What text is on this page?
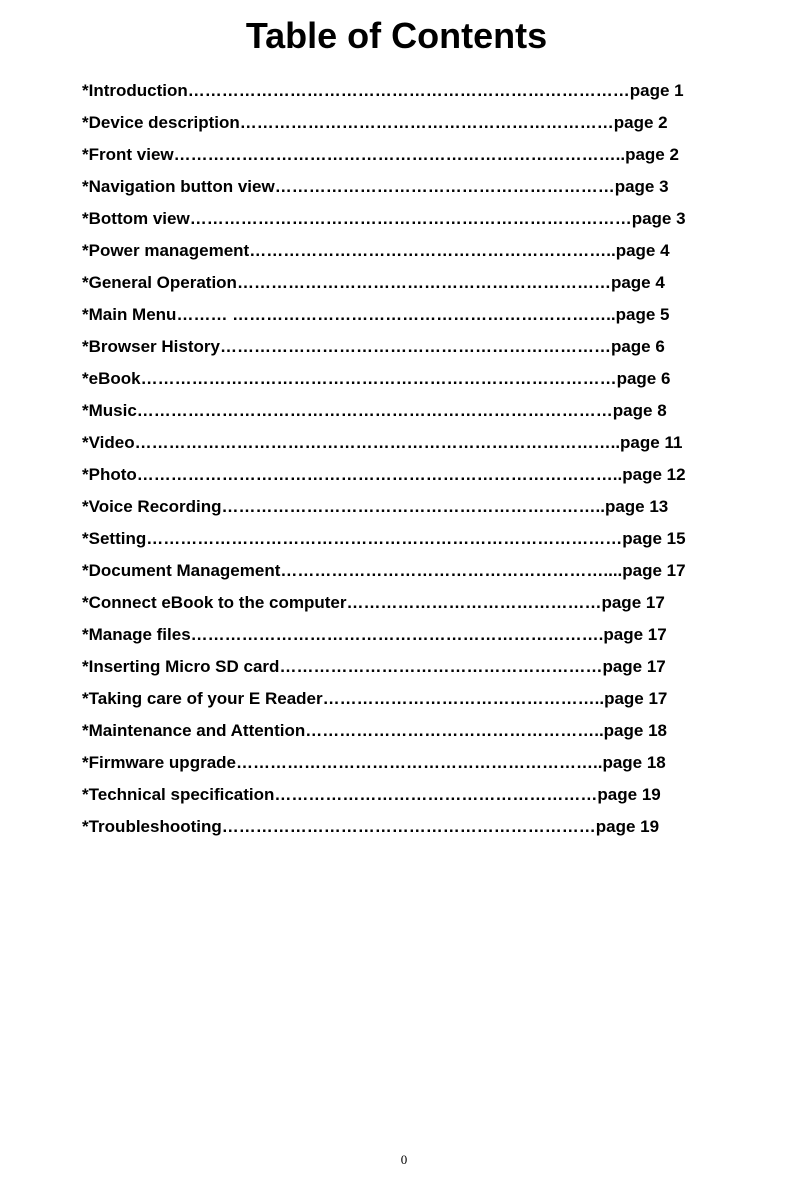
Table of Contents
*Introduction……………………………………………………………………page 1
*Device description…………………………………………………………page 2
*Front view……………………………………………………………………..page 2
*Navigation button view……………………………………………………page 3
*Bottom view……………………………………………………………………page 3
*Power management………………………………………………………..page 4
*General Operation…………………………………………………………page 4
*Main Menu……… …………………………………………………………..page 5
*Browser History……………………………………………………………page 6
*eBook…………………………………………………………………………page 6
*Music…………………………………………………………………………page 8
*Video…………………………………………………………………………..page 11
*Photo…………………………………………………………………………..page 12
*Voice Recording…………………………………………………………..page 13
*Setting…………………………………………………………………………page 15
*Document Management…………………………………………………....page 17
*Connect eBook to the computer………………………………………page 17
*Manage files……………………………………………………………….page 17
*Inserting Micro SD card…………………………………………………page 17
*Taking care of your E Reader…………………………………………..page 17
*Maintenance and Attention……………………………………………..page 18
*Firmware upgrade………………………………………………………..page 18
*Technical specification…………………………………………………page 19
*Troubleshooting…………………………………………………………page 19
0
